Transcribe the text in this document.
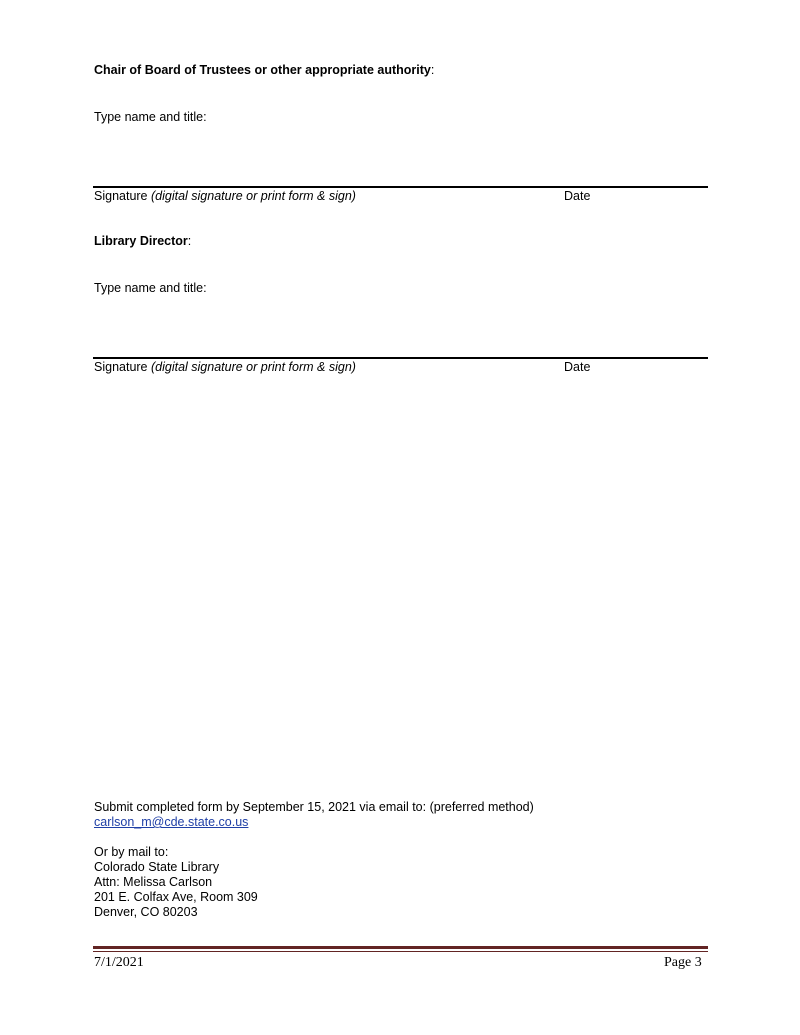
Chair of Board of Trustees or other appropriate authority:
Type name and title:
Signature (digital signature or print form & sign)	Date
Library Director:
Type name and title:
Signature (digital signature or print form & sign)	Date
Submit completed form by September 15, 2021 via email to: (preferred method)
carlson_m@cde.state.co.us
Or by mail to:
Colorado State Library
Attn: Melissa Carlson
201 E. Colfax Ave, Room 309
Denver, CO 80203
7/1/2021	Page 3
